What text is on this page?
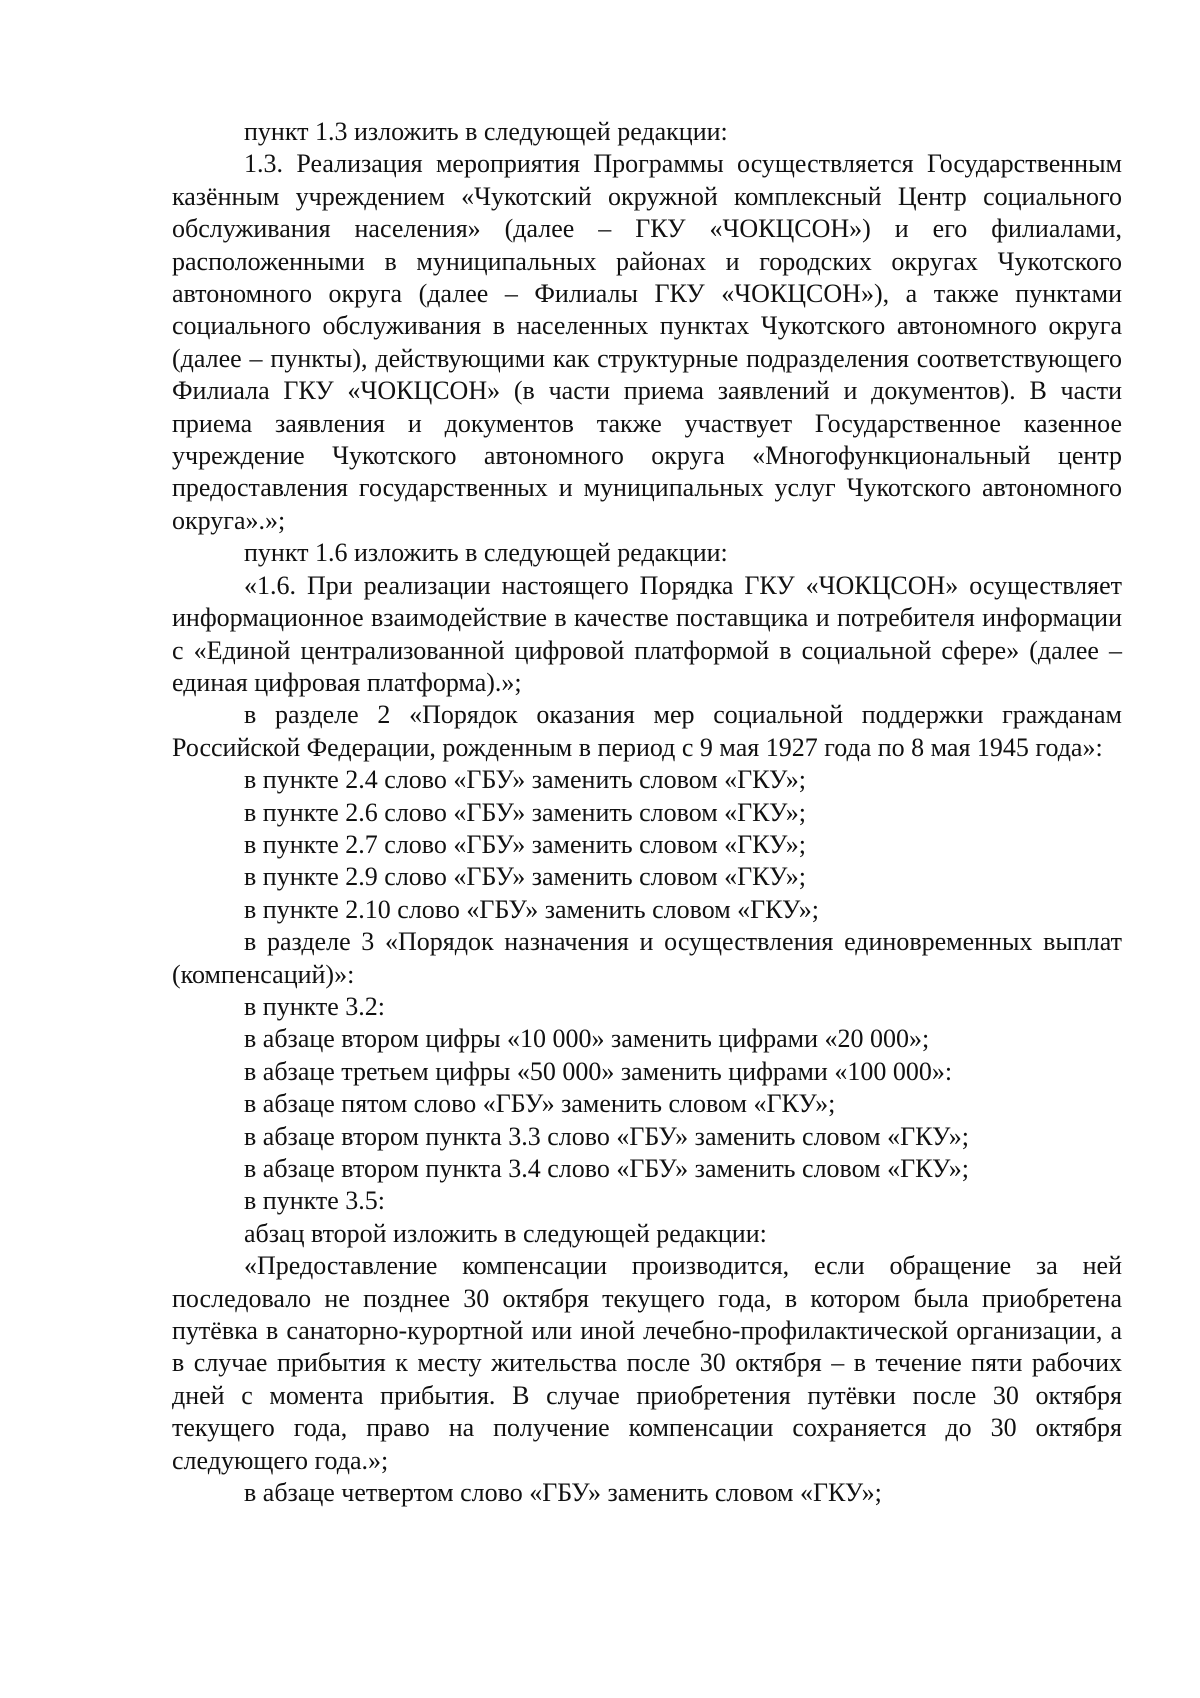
пункт 1.3 изложить в следующей редакции:

1.3. Реализация мероприятия Программы осуществляется Государственным казённым учреждением «Чукотский окружной комплексный Центр социального обслуживания населения» (далее – ГКУ «ЧОКЦСОН») и его филиалами, расположенными в муниципальных районах и городских округах Чукотского автономного округа (далее – Филиалы ГКУ «ЧОКЦСОН»), а также пунктами социального обслуживания в населенных пунктах Чукотского автономного округа (далее – пункты), действующими как структурные подразделения соответствующего Филиала ГКУ «ЧОКЦСОН» (в части приема заявлений и документов). В части приема заявления и документов также участвует Государственное казенное учреждение Чукотского автономного округа «Многофункциональный центр предоставления государственных и муниципальных услуг Чукотского автономного округа».»;

пункт 1.6 изложить в следующей редакции:

«1.6. При реализации настоящего Порядка ГКУ «ЧОКЦСОН» осуществляет информационное взаимодействие в качестве поставщика и потребителя информации с «Единой централизованной цифровой платформой в социальной сфере» (далее – единая цифровая платформа).»;

в разделе 2 «Порядок оказания мер социальной поддержки гражданам Российской Федерации, рожденным в период с 9 мая 1927 года по 8 мая 1945 года»:

в пункте 2.4 слово «ГБУ» заменить словом «ГКУ»;

в пункте 2.6 слово «ГБУ» заменить словом «ГКУ»;

в пункте 2.7 слово «ГБУ» заменить словом «ГКУ»;

в пункте 2.9 слово «ГБУ» заменить словом «ГКУ»;

в пункте 2.10 слово «ГБУ» заменить словом «ГКУ»;

в разделе 3 «Порядок назначения и осуществления единовременных выплат (компенсаций)»:

в пункте 3.2:

в абзаце втором цифры «10 000» заменить цифрами «20 000»;

в абзаце третьем цифры «50 000» заменить цифрами «100 000»:

в абзаце пятом слово «ГБУ» заменить словом «ГКУ»;

в абзаце втором пункта 3.3 слово «ГБУ» заменить словом «ГКУ»;

в абзаце втором пункта 3.4 слово «ГБУ» заменить словом «ГКУ»;

в пункте 3.5:

абзац второй изложить в следующей редакции:

«Предоставление компенсации производится, если обращение за ней последовало не позднее 30 октября текущего года, в котором была приобретена путёвка в санаторно-курортной или иной лечебно-профилактической организации, а в случае прибытия к месту жительства после 30 октября – в течение пяти рабочих дней с момента прибытия. В случае приобретения путёвки после 30 октября текущего года, право на получение компенсации сохраняется до 30 октября следующего года.»;

в абзаце четвертом слово «ГБУ» заменить словом «ГКУ»;
